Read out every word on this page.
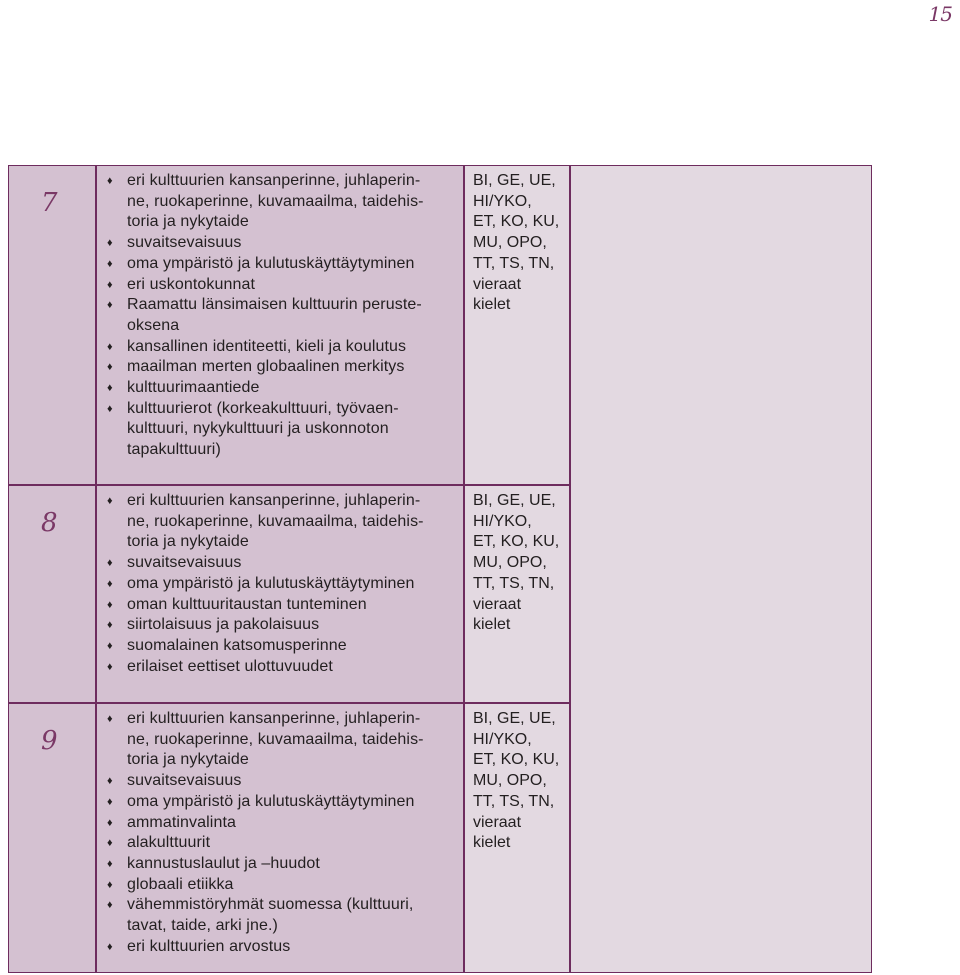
15
7
♦ eri kulttuurien kansanperinne, juhlaperin-
ne, ruokaperinne, kuvamaailma, taidehis-
toria ja nykytaide
♦ suvaitsevaisuus
♦ oma ympäristö ja kulutuskäyttäytyminen
♦ eri uskontokunnat
♦ Raamattu länsimaisen kulttuurin peruste-
oksena
♦ kansallinen identiteetti, kieli ja koulutus
♦ maailman merten globaalinen merkitys
♦ kulttuurimaantiede
♦ kulttuurierot (korkeakulttuuri, työvaen-
kulttuuri, nykykulttuuri ja uskonnoton
tapakulttuuri)
BI, GE, UE,
HI/YKO,
ET, KO, KU,
MU, OPO,
TT, TS, TN,
vieraat
kielet
8
♦ eri kulttuurien kansanperinne, juhlaperin-
ne, ruokaperinne, kuvamaailma, taidehis-
toria ja nykytaide
♦ suvaitsevaisuus
♦ oma ympäristö ja kulutuskäyttäytyminen
♦ oman kulttuuritaustan tunteminen
♦ siirtolaisuus ja pakolaisuus
♦ suomalainen katsomusperinne
♦ erilaiset eettiset ulottuvuudet
BI, GE, UE,
HI/YKO,
ET, KO, KU,
MU, OPO,
TT, TS, TN,
vieraat
kielet
9
♦ eri kulttuurien kansanperinne, juhlaperin-
ne, ruokaperinne, kuvamaailma, taidehis-
toria ja nykytaide
♦ suvaitsevaisuus
♦ oma ympäristö ja kulutuskäyttäytyminen
♦ ammatinvalinta
♦ alakulttuurit
♦ kannustuslaulut ja –huudot
♦ globaali etiikka
♦ vähemmistöryhmät suomessa (kulttuuri,
tavat, taide, arki jne.)
♦ eri kulttuurien arvostus
BI, GE, UE,
HI/YKO,
ET, KO, KU,
MU, OPO,
TT, TS, TN,
vieraat
kielet
